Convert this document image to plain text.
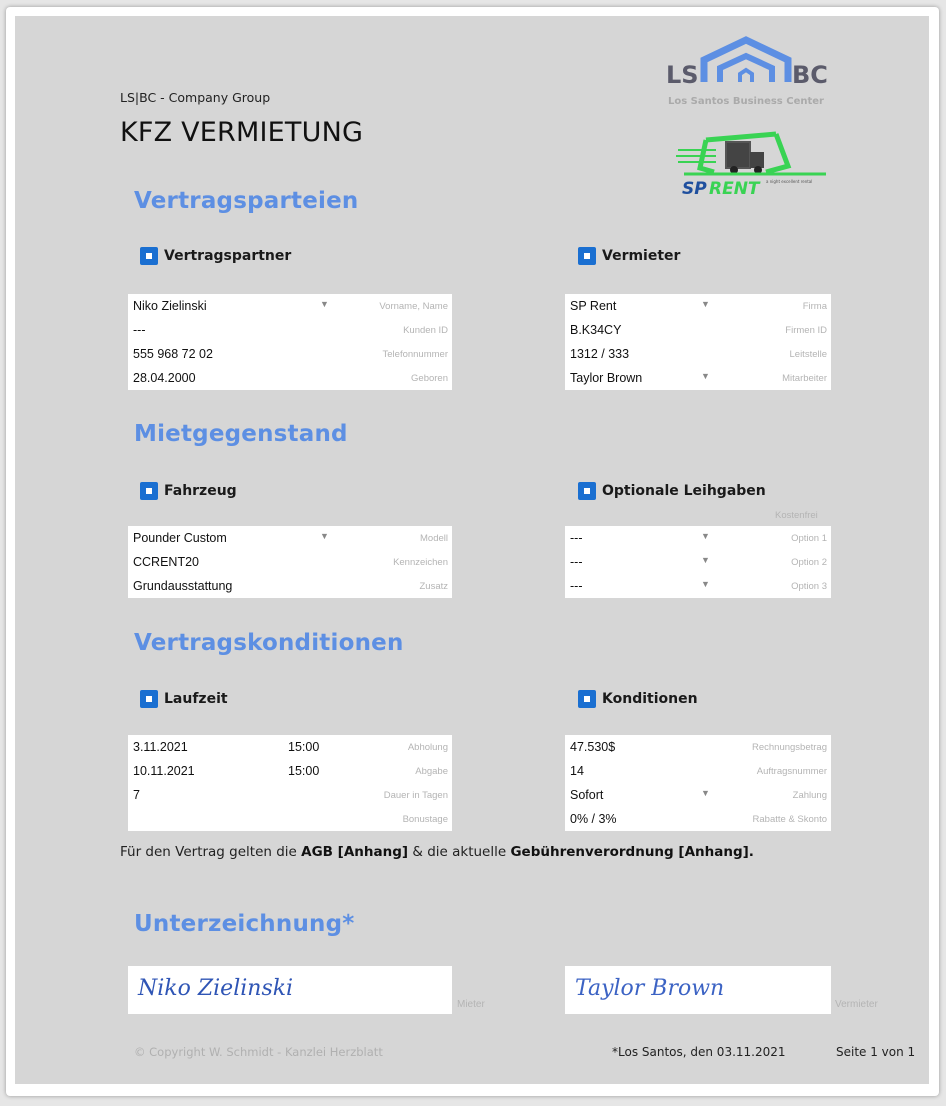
LS|BC - Company Group
KFZ VERMIETUNG
LS	BC
Los Santos Business Center
SP RENT	a night excellent rental
Vertragsparteien
Vertragspartner	Vermieter
Niko Zielinski	▼	Vorname, Name
---	Kunden ID
555 968 72 02	Telefonnummer
28.04.2000	Geboren
SP Rent	▼	Firma
B.K34CY	Firmen ID
1312 / 333	Leitstelle
Taylor Brown	▼	Mitarbeiter
Mietgegenstand
Fahrzeug	Optionale Leihgaben
Kostenfrei
Pounder Custom	▼	Modell
CCRENT20	Kennzeichen
Grundausstattung	Zusatz
---	▼	Option 1
---	▼	Option 2
---	▼	Option 3
Vertragskonditionen
Laufzeit	Konditionen
3.11.2021	15:00	Abholung
10.11.2021	15:00	Abgabe
7	Dauer in Tagen
Bonustage
47.530$	Rechnungsbetrag
14	Auftragsnummer
Sofort	▼	Zahlung
0% / 3%	Rabatte & Skonto
Für den Vertrag gelten die AGB [Anhang] & die aktuelle Gebührenverordnung [Anhang].
Unterzeichnung*
Niko Zielinski
Mieter
Taylor Brown
Vermieter
© Copyright W. Schmidt - Kanzlei Herzblatt	*Los Santos, den 03.11.2021	Seite 1 von 1
